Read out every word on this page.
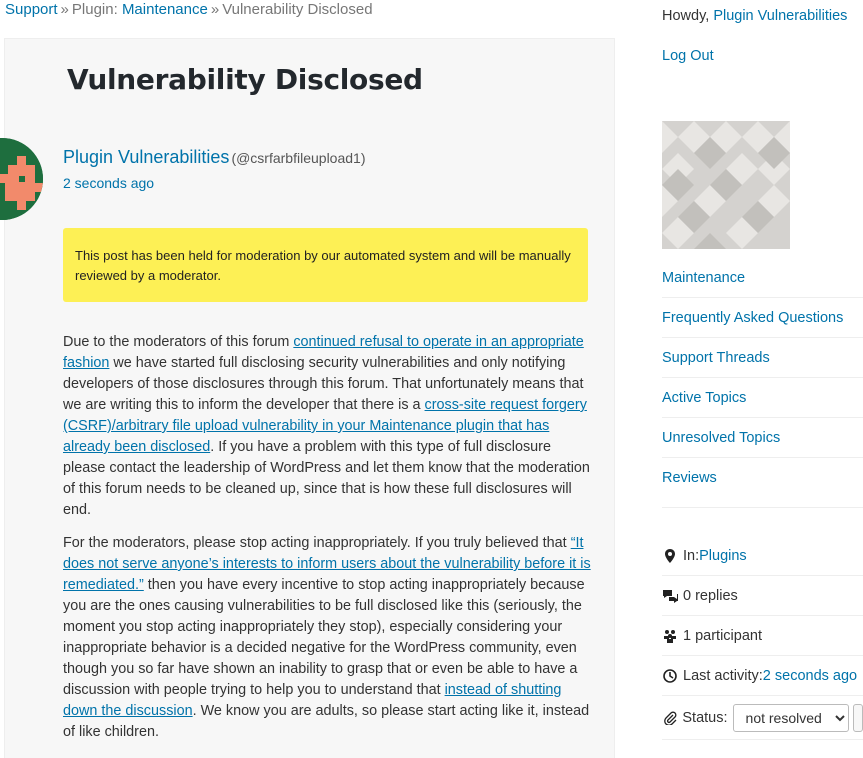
Support » Plugin: Maintenance » Vulnerability Disclosed
Vulnerability Disclosed
Plugin Vulnerabilities (@csrfarbfileupload1)
2 seconds ago
This post has been held for moderation by our automated system and will be manually reviewed by a moderator.

Due to the moderators of this forum continued refusal to operate in an appropriate fashion we have started full disclosing security vulnerabilities and only notifying developers of those disclosures through this forum. That unfortunately means that we are writing this to inform the developer that there is a cross-site request forgery (CSRF)/arbitrary file upload vulnerability in your Maintenance plugin that has already been disclosed. If you have a problem with this type of full disclosure please contact the leadership of WordPress and let them know that the moderation of this forum needs to be cleaned up, since that is how these full disclosures will end.

For the moderators, please stop acting inappropriately. If you truly believed that “It does not serve anyone’s interests to inform users about the vulnerability before it is remediated.” then you have every incentive to stop acting inappropriately because you are the ones causing vulnerabilities to be full disclosed like this (seriously, the moment you stop acting inappropriately they stop), especially considering your inappropriate behavior is a decided negative for the WordPress community, even though you so far have shown an inability to grasp that or even be able to have a discussion with people trying to help you to understand that instead of shutting down the discussion. We know you are adults, so please start acting like it, instead of like children.

Howdy, Plugin Vulnerabilities
Log Out
Maintenance
Frequently Asked Questions
Support Threads
Active Topics
Unresolved Topics
Reviews
In: Plugins
0 replies
1 participant
Last activity: 2 seconds ago
Status:
not resolved
